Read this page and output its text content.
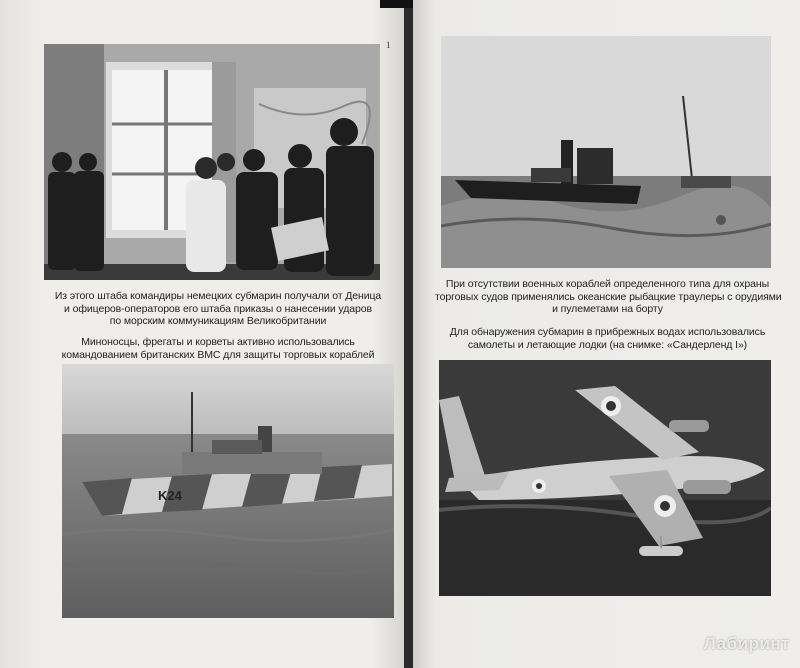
1
Из этого штаба командиры немецких субмарин получали от Деница
и офицеров-операторов его штаба приказы о нанесении ударов
по морским коммуникациям Великобритании
Миноносцы, фрегаты и корветы активно использовались
командованием британских ВМС для защиты торговых кораблей
K24
При отсутствии военных кораблей определенного типа для охраны
торговых судов применялись океанские рыбацкие траулеры с орудиями
и пулеметами на борту
Для обнаружения субмарин в прибрежных водах использовались
самолеты и летающие лодки (на снимке: «Сандерленд I»)
Лабиринт
